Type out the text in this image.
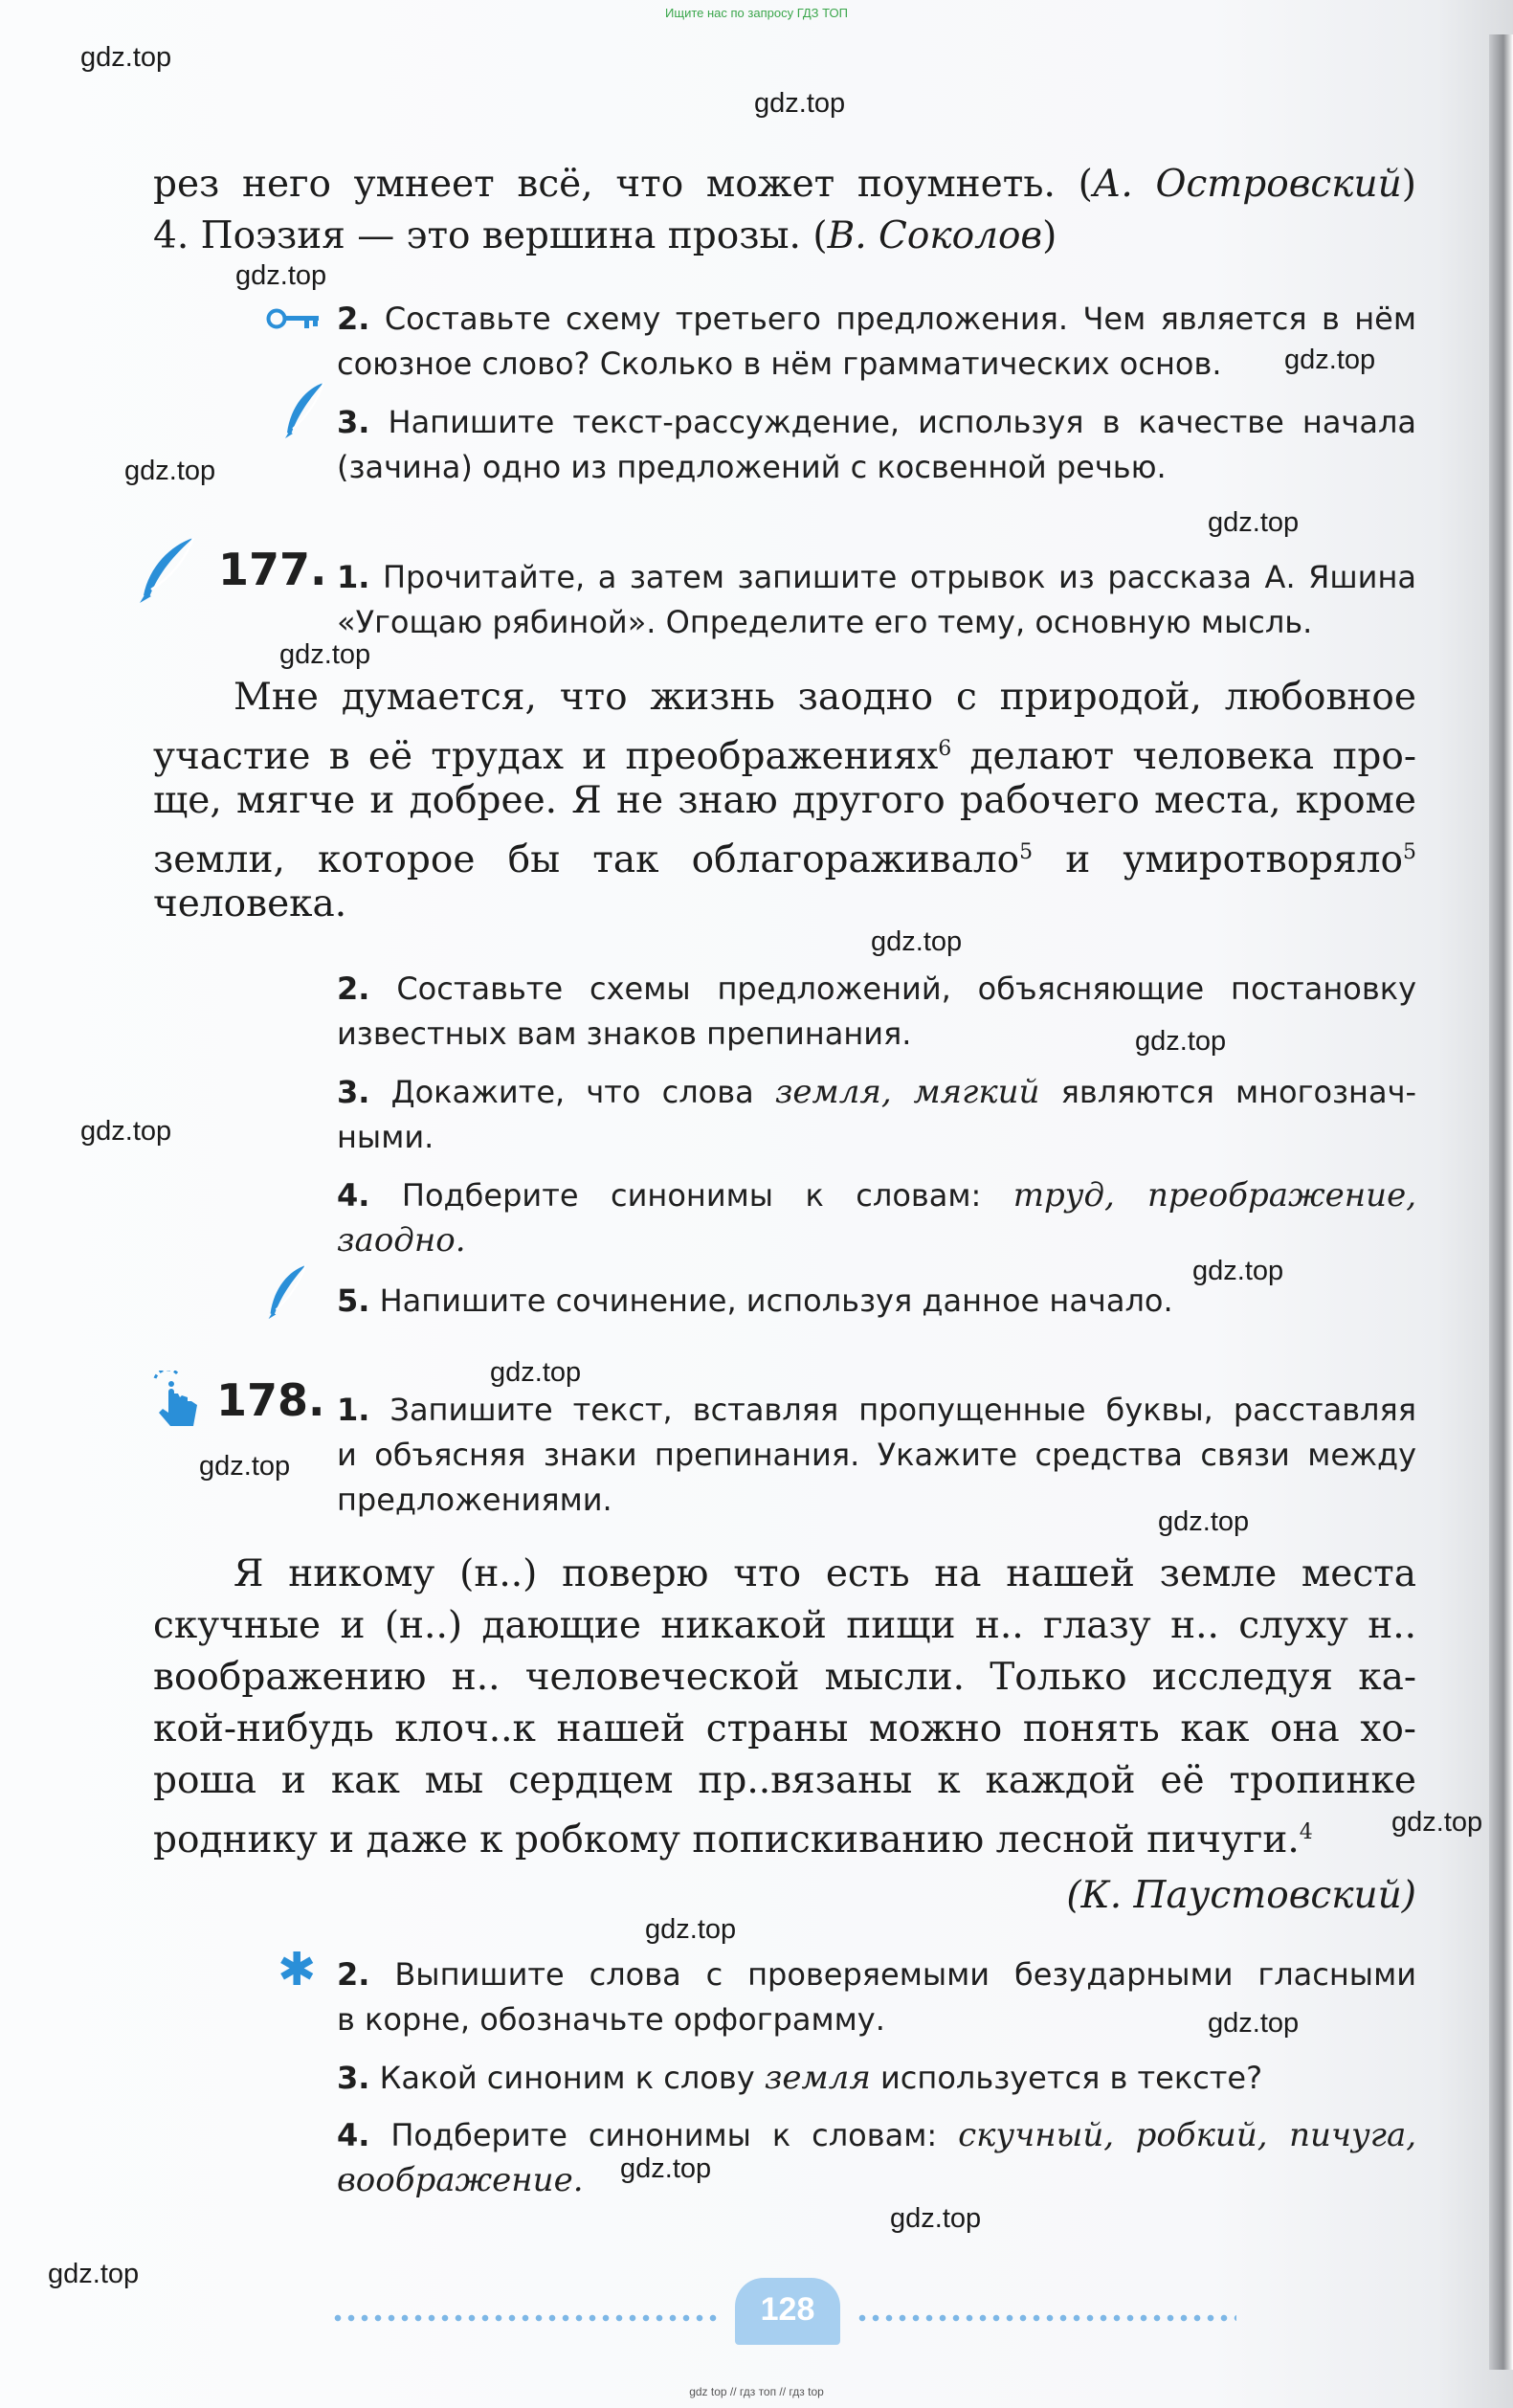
Ищите нас по запросу ГДЗ ТОП
gdz.top
gdz.top
gdz.top
gdz.top
gdz.top
gdz.top
gdz.top
gdz.top
gdz.top
gdz.top
gdz.top
gdz.top
gdz.top
gdz.top
gdz.top
gdz.top
gdz.top
gdz.top
gdz.top
gdz.top
рез него умнеет всё, что может поумнеть. (А. Островский)
4. Поэзия — это вершина прозы. (В. Соколов)
2. Составьте схему третьего предложения. Чем является в нём
союзное слово? Сколько в нём грамматических основ.
3. Напишите текст-рассуждение, используя в качестве начала
(зачина) одно из предложений с косвенной речью.
177. 1. Прочитайте, а затем запишите отрывок из рассказа А. Яшина
«Угощаю рябиной». Определите его тему, основную мысль.
Мне думается, что жизнь заодно с природой, любовное
участие в её трудах и преображениях$^6$ делают человека про-
ще, мягче и добрее. Я не знаю другого рабочего места, кроме
земли, которое бы так облагораживало$^5$ и умиротворяло$^5$
человека.
2. Составьте схемы предложений, объясняющие постановку
известных вам знаков препинания.
3. Докажите, что слова земля, мягкий являются многознач-
ными.
4. Подберите синонимы к словам: труд, преображение,
заодно.
5. Напишите сочинение, используя данное начало.
178. 1. Запишите текст, вставляя пропущенные буквы, расставляя
и объясняя знаки препинания. Укажите средства связи между
предложениями.
Я никому (н..) поверю что есть на нашей земле места
скучные и (н..) дающие никакой пищи н.. глазу н.. слуху н..
воображению н.. человеческой мысли. Только исследуя ка-
кой-нибудь клоч..к нашей страны можно понять как она хо-
роша и как мы сердцем пр..вязаны к каждой её тропинке
роднику и даже к робкому попискиванию лесной пичуги.$^4$
(К. Паустовский)
✱ 2. Выпишите слова с проверяемыми безударными гласными
в корне, обозначьте орфограмму.
3. Какой синоним к слову земля используется в тексте?
4. Подберите синонимы к словам: скучный, робкий, пичуга,
воображение.
128
gdz top // гдз топ // гдз top
